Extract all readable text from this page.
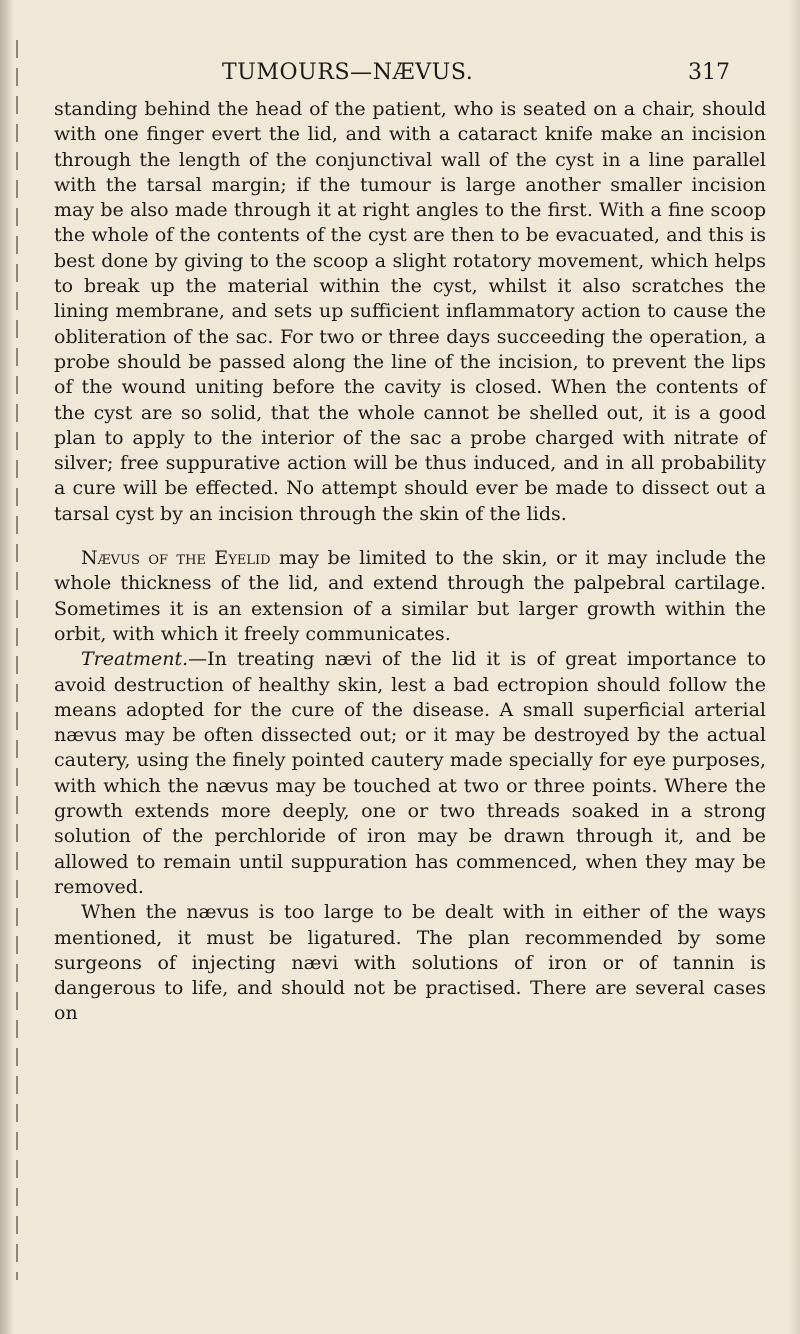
TUMOURS—NÆVUS.	317

standing behind the head of the patient, who is seated on a chair, should with one finger evert the lid, and with a cataract knife make an incision through the length of the conjunctival wall of the cyst in a line parallel with the tarsal margin; if the tumour is large another smaller incision may be also made through it at right angles to the first. With a fine scoop the whole of the contents of the cyst are then to be evacuated, and this is best done by giving to the scoop a slight rotatory movement, which helps to break up the material within the cyst, whilst it also scratches the lining membrane, and sets up sufficient inflammatory action to cause the obliteration of the sac. For two or three days succeeding the operation, a probe should be passed along the line of the incision, to prevent the lips of the wound uniting before the cavity is closed. When the contents of the cyst are so solid, that the whole cannot be shelled out, it is a good plan to apply to the interior of the sac a probe charged with nitrate of silver; free suppurative action will be thus induced, and in all probability a cure will be effected. No attempt should ever be made to dissect out a tarsal cyst by an incision through the skin of the lids.

Nævus of the Eyelid may be limited to the skin, or it may include the whole thickness of the lid, and extend through the palpebral cartilage. Sometimes it is an extension of a similar but larger growth within the orbit, with which it freely communicates.

Treatment.—In treating nævi of the lid it is of great importance to avoid destruction of healthy skin, lest a bad ectropion should follow the means adopted for the cure of the disease. A small superficial arterial nævus may be often dissected out; or it may be destroyed by the actual cautery, using the finely pointed cautery made specially for eye purposes, with which the nævus may be touched at two or three points. Where the growth extends more deeply, one or two threads soaked in a strong solution of the perchloride of iron may be drawn through it, and be allowed to remain until suppuration has commenced, when they may be removed.

When the nævus is too large to be dealt with in either of the ways mentioned, it must be ligatured. The plan recommended by some surgeons of injecting nævi with solutions of iron or of tannin is dangerous to life, and should not be practised. There are several cases on
